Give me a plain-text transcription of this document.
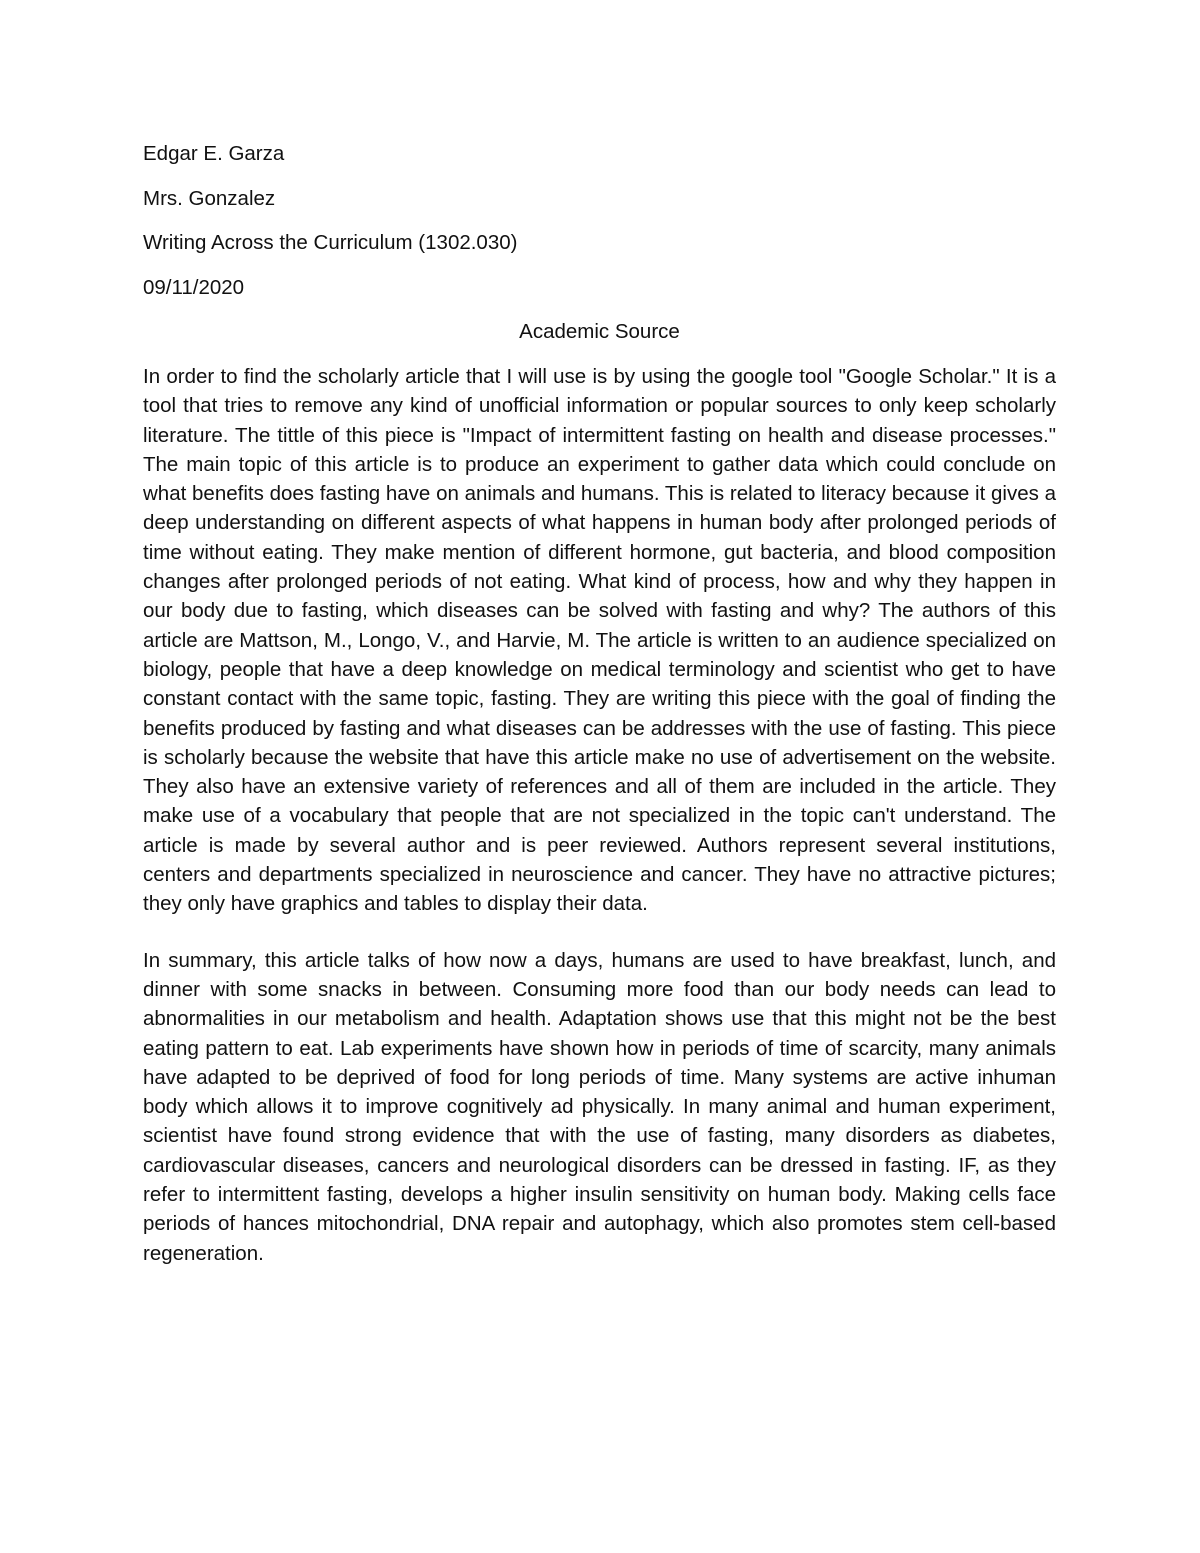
Edgar E. Garza
Mrs. Gonzalez
Writing Across the Curriculum (1302.030)
09/11/2020
Academic Source

In order to find the scholarly article that I will use is by using the google tool "Google Scholar." It is a tool that tries to remove any kind of unofficial information or popular sources to only keep scholarly literature. The tittle of this piece is "Impact of intermittent fasting on health and disease processes." The main topic of this article is to produce an experiment to gather data which could conclude on what benefits does fasting have on animals and humans. This is related to literacy because it gives a deep understanding on different aspects of what happens in human body after prolonged periods of time without eating. They make mention of different hormone, gut bacteria, and blood composition changes after prolonged periods of not eating. What kind of process, how and why they happen in our body due to fasting, which diseases can be solved with fasting and why? The authors of this article are Mattson, M., Longo, V., and Harvie, M. The article is written to an audience specialized on biology, people that have a deep knowledge on medical terminology and scientist who get to have constant contact with the same topic, fasting. They are writing this piece with the goal of finding the benefits produced by fasting and what diseases can be addresses with the use of fasting. This piece is scholarly because the website that have this article make no use of advertisement on the website. They also have an extensive variety of references and all of them are included in the article. They make use of a vocabulary that people that are not specialized in the topic can't understand. The article is made by several author and is peer reviewed. Authors represent several institutions, centers and departments specialized in neuroscience and cancer. They have no attractive pictures; they only have graphics and tables to display their data.

In summary, this article talks of how now a days, humans are used to have breakfast, lunch, and dinner with some snacks in between. Consuming more food than our body needs can lead to abnormalities in our metabolism and health. Adaptation shows use that this might not be the best eating pattern to eat. Lab experiments have shown how in periods of time of scarcity, many animals have adapted to be deprived of food for long periods of time. Many systems are active inhuman body which allows it to improve cognitively ad physically. In many animal and human experiment, scientist have found strong evidence that with the use of fasting, many disorders as diabetes, cardiovascular diseases, cancers and neurological disorders can be dressed in fasting. IF, as they refer to intermittent fasting, develops a higher insulin sensitivity on human body. Making cells face periods of hances mitochondrial, DNA repair and autophagy, which also promotes stem cell-based regeneration.
